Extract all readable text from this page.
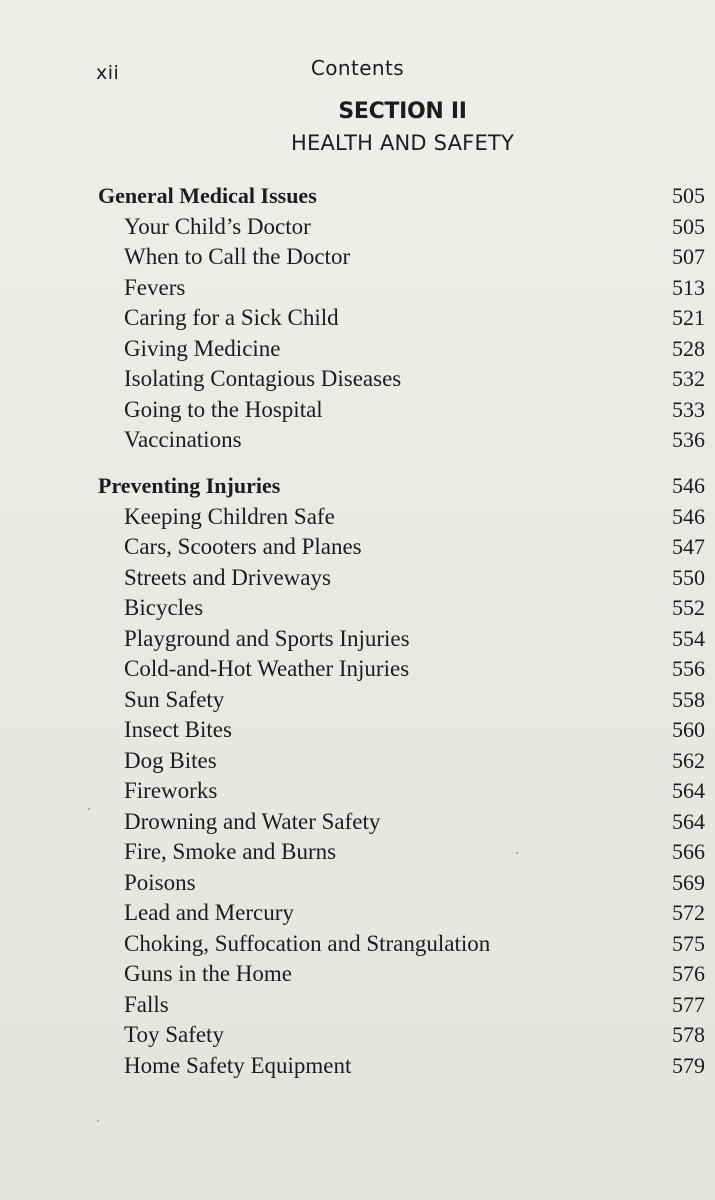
xii	Contents
SECTION II
HEALTH AND SAFETY
General Medical Issues	505
Your Child’s Doctor	505
When to Call the Doctor	507
Fevers	513
Caring for a Sick Child	521
Giving Medicine	528
Isolating Contagious Diseases	532
Going to the Hospital	533
Vaccinations	536
Preventing Injuries	546
Keeping Children Safe	546
Cars, Scooters and Planes	547
Streets and Driveways	550
Bicycles	552
Playground and Sports Injuries	554
Cold-and-Hot Weather Injuries	556
Sun Safety	558
Insect Bites	560
Dog Bites	562
Fireworks	564
Drowning and Water Safety	564
Fire, Smoke and Burns	566
Poisons	569
Lead and Mercury	572
Choking, Suffocation and Strangulation	575
Guns in the Home	576
Falls	577
Toy Safety	578
Home Safety Equipment	579
